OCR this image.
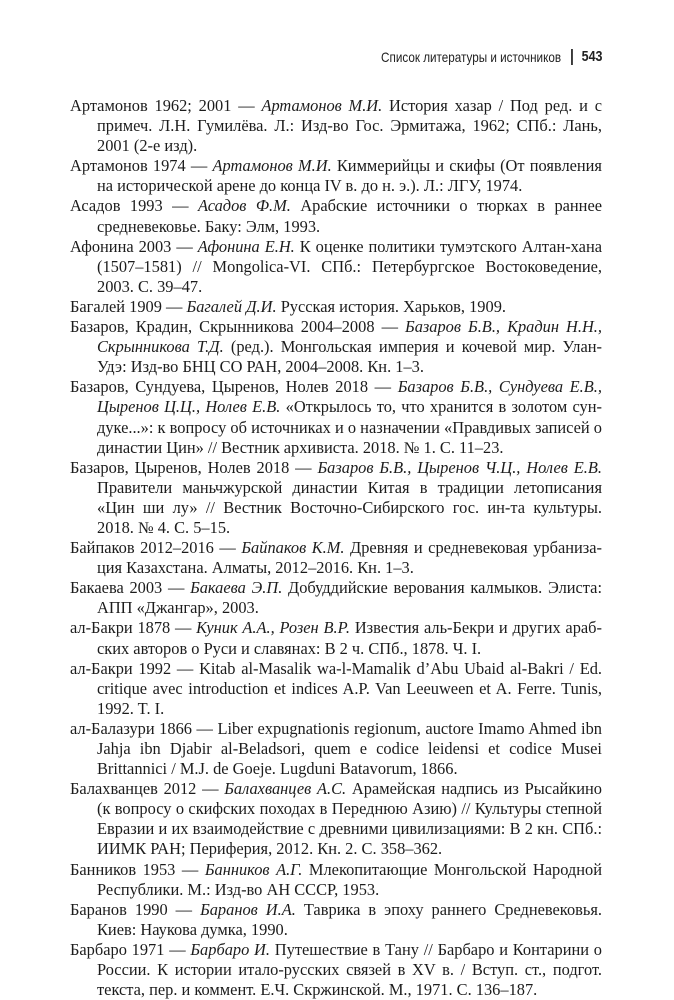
Список литературы и источников 543

Артамонов 1962; 2001 — Артамонов М.И. История хазар / Под ред. и с примеч. Л.Н. Гумилёва. Л.: Изд-во Гос. Эрмитажа, 1962; СПб.: Лань, 2001 (2-е изд).

Артамонов 1974 — Артамонов М.И. Киммерийцы и скифы (От появления на исторической арене до конца IV в. до н. э.). Л.: ЛГУ, 1974.

Асадов 1993 — Асадов Ф.М. Арабские источники о тюрках в раннее средневековье. Баку: Элм, 1993.

Афонина 2003 — Афонина Е.Н. К оценке политики тумэтского Алтан-хана (1507–1581) // Mongolica-VI. СПб.: Петербургское Востоковедение, 2003. С. 39–47.

Багалей 1909 — Багалей Д.И. Русская история. Харьков, 1909.

Базаров, Крадин, Скрынникова 2004–2008 — Базаров Б.В., Крадин Н.Н., Скрынникова Т.Д. (ред.). Монгольская империя и кочевой мир. Улан-Удэ: Изд-во БНЦ СО РАН, 2004–2008. Кн. 1–3.

Базаров, Сундуева, Цыренов, Нолев 2018 — Базаров Б.В., Сундуева Е.В., Цыренов Ц.Ц., Нолев Е.В. «Открылось то, что хранится в золотом сундуке...»: к вопросу об источниках и о назначении «Правдивых записей о династии Цин» // Вестник архивиста. 2018. № 1. С. 11–23.

Базаров, Цыренов, Нолев 2018 — Базаров Б.В., Цыренов Ч.Ц., Нолев Е.В. Правители маньчжурской династии Китая в традиции летописания «Цин ши лу» // Вестник Восточно-Сибирского гос. ин-та культуры. 2018. № 4. С. 5–15.

Байпаков 2012–2016 — Байпаков К.М. Древняя и средневековая урбанизация Казахстана. Алматы, 2012–2016. Кн. 1–3.

Бакаева 2003 — Бакаева Э.П. Добуддийские верования калмыков. Элиста: АПП «Джангар», 2003.

ал-Бакри 1878 — Куник А.А., Розен В.Р. Известия аль-Бекри и других арабских авторов о Руси и славянах: В 2 ч. СПб., 1878. Ч. I.

ал-Бакри 1992 — Kitab al-Masalik wa-l-Mamalik d’Abu Ubaid al-Bakri / Ed. critique avec introduction et indices A.P. Van Leeuween et A. Ferre. Tunis, 1992. T. I.

ал-Балазури 1866 — Liber expugnationis regionum, auctore Imamo Ahmed ibn Jahja ibn Djabir al-Beladsori, quem e codice leidensi et codice Musei Brittannici / M.J. de Goeje. Lugduni Batavorum, 1866.

Балахванцев 2012 — Балахванцев А.С. Арамейская надпись из Рысайкино (к вопросу о скифских походах в Переднюю Азию) // Культуры степной Евразии и их взаимодействие с древними цивилизациями: В 2 кн. СПб.: ИИМК РАН; Периферия, 2012. Кн. 2. С. 358–362.

Банников 1953 — Банников А.Г. Млекопитающие Монгольской Народной Республики. М.: Изд-во АН СССР, 1953.

Баранов 1990 — Баранов И.А. Таврика в эпоху раннего Средневековья. Киев: Наукова думка, 1990.

Барбаро 1971 — Барбаро И. Путешествие в Тану // Барбаро и Контарини о России. К истории итало-русских связей в XV в. / Вступ. ст., подгот. текста, пер. и коммент. Е.Ч. Скржинской. М., 1971. С. 136–187.
